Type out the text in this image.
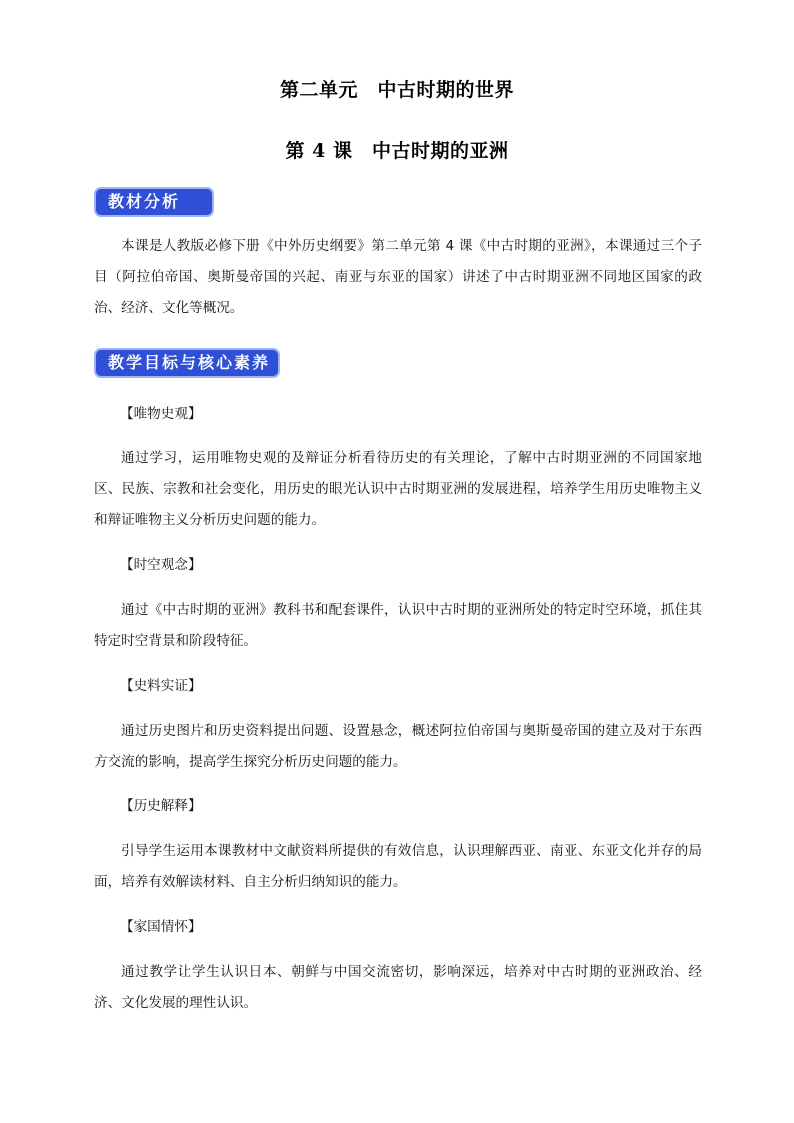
第二单元　中古时期的世界
第 4 课　中古时期的亚洲
教材分析

本课是人教版必修下册《中外历史纲要》第二单元第 4 课《中古时期的亚洲》，本课通过三个子目（阿拉伯帝国、奥斯曼帝国的兴起、南亚与东亚的国家）讲述了中古时期亚洲不同地区国家的政治、经济、文化等概况。

教学目标与核心素养
【唯物史观】

通过学习，运用唯物史观的及辩证分析看待历史的有关理论，了解中古时期亚洲的不同国家地区、民族、宗教和社会变化，用历史的眼光认识中古时期亚洲的发展进程，培养学生用历史唯物主义和辩证唯物主义分析历史问题的能力。

【时空观念】

通过《中古时期的亚洲》教科书和配套课件，认识中古时期的亚洲所处的特定时空环境，抓住其特定时空背景和阶段特征。

【史料实证】

通过历史图片和历史资料提出问题、设置悬念，概述阿拉伯帝国与奥斯曼帝国的建立及对于东西方交流的影响，提高学生探究分析历史问题的能力。

【历史解释】

引导学生运用本课教材中文献资料所提供的有效信息，认识理解西亚、南亚、东亚文化并存的局面，培养有效解读材料、自主分析归纳知识的能力。

【家国情怀】

通过教学让学生认识日本、朝鲜与中国交流密切，影响深远，培养对中古时期的亚洲政治、经济、文化发展的理性认识。
